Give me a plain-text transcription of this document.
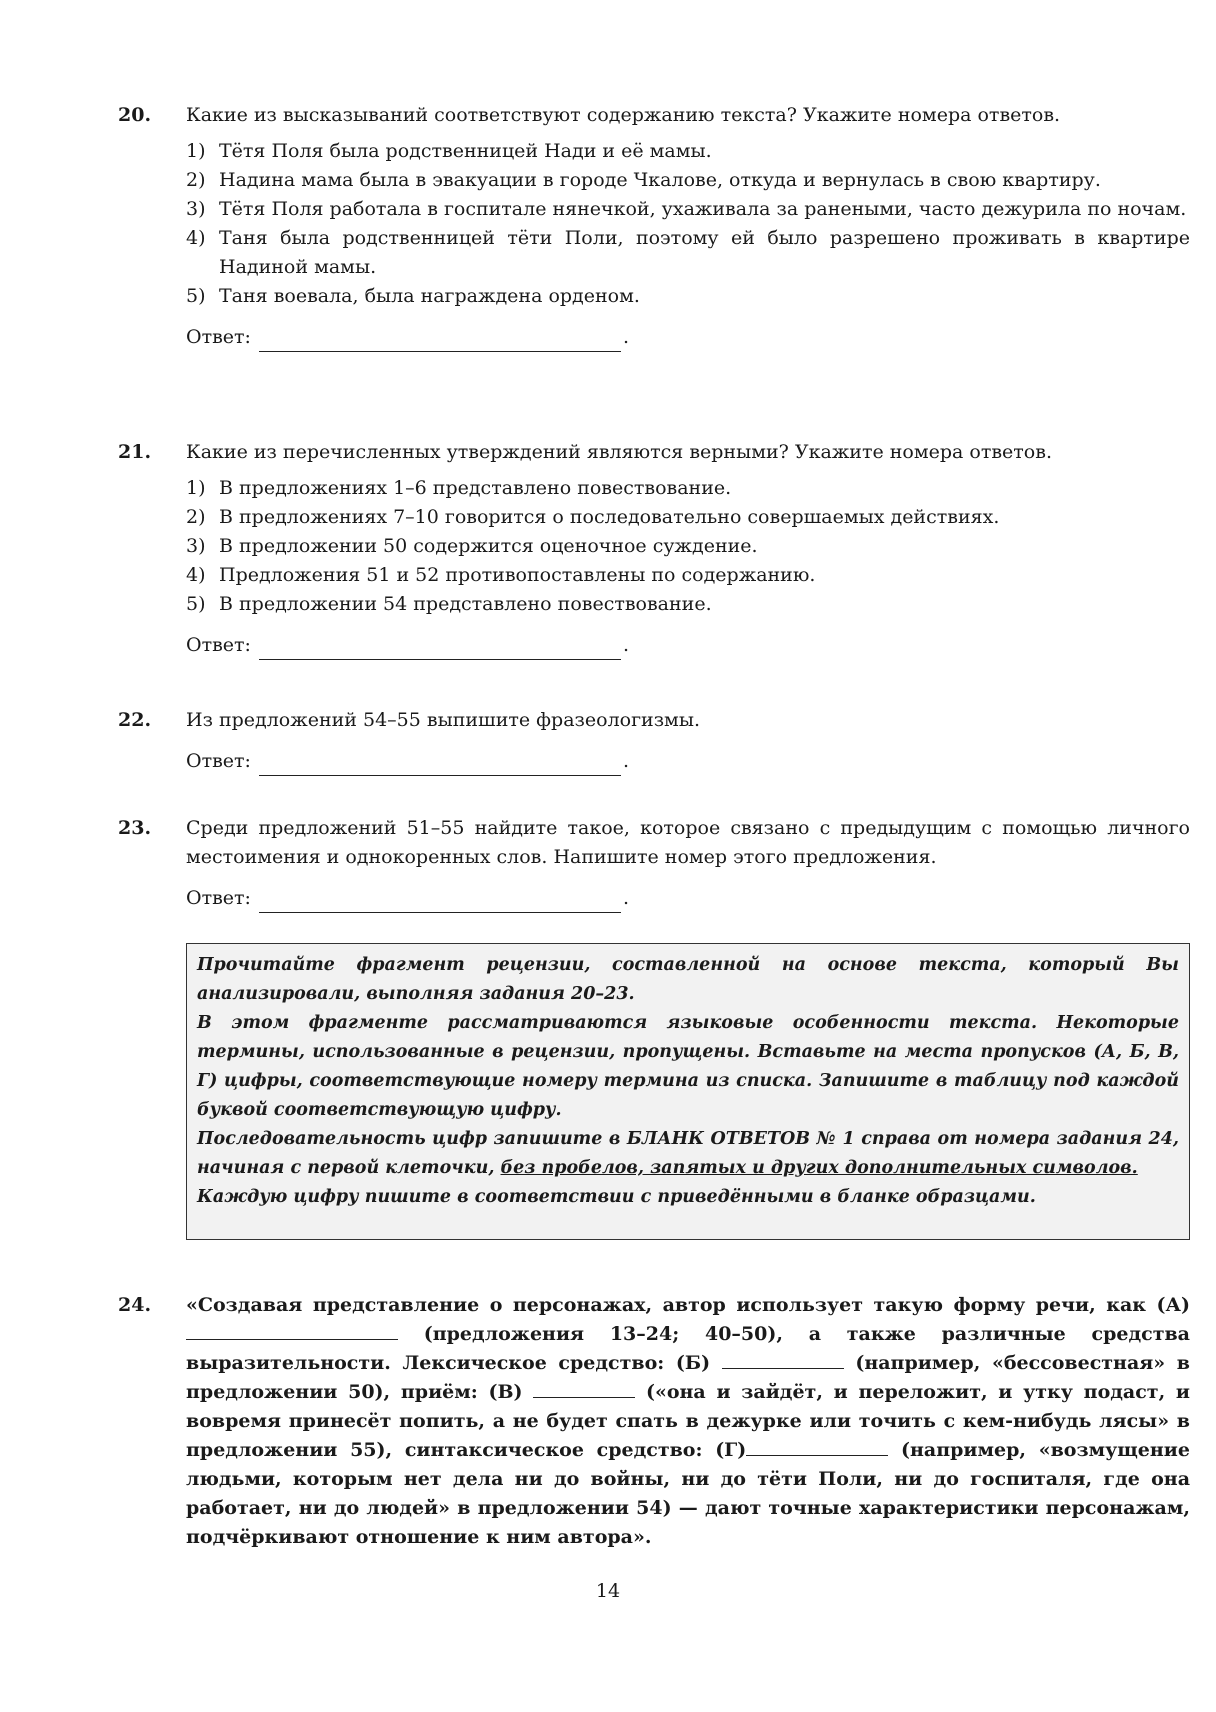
20.	Какие из высказываний соответствуют содержанию текста? Укажите номера ответов.
1) Тётя Поля была родственницей Нади и её мамы.
2) Надина мама была в эвакуации в городе Чкалове, откуда и вернулась в свою квартиру.
3) Тётя Поля работала в госпитале нянечкой, ухаживала за ранеными, часто дежурила по ночам.
4) Таня была родственницей тёти Поли, поэтому ей было разрешено проживать в квартире Надиной мамы.
5) Таня воевала, была награждена орденом.
Ответ:	.
21.	Какие из перечисленных утверждений являются верными? Укажите номера ответов.
1) В предложениях 1–6 представлено повествование.
2) В предложениях 7–10 говорится о последовательно совершаемых действиях.
3) В предложении 50 содержится оценочное суждение.
4) Предложения 51 и 52 противопоставлены по содержанию.
5) В предложении 54 представлено повествование.
Ответ:	.
22.	Из предложений 54–55 выпишите фразеологизмы.
Ответ:	.
23.	Среди предложений 51–55 найдите такое, которое связано с предыдущим с помощью личного местоимения и однокоренных слов. Напишите номер этого предложения.
Ответ:	.

Прочитайте фрагмент рецензии, составленной на основе текста, который Вы анализировали, выполняя задания 20–23.

В этом фрагменте рассматриваются языковые особенности текста. Некоторые термины, использованные в рецензии, пропущены. Вставьте на места пропусков (А, Б, В, Г) цифры, соответствующие номеру термина из списка. Запишите в таблицу под каждой буквой соответствующую цифру.

Последовательность цифр запишите в БЛАНК ОТВЕТОВ № 1 справа от номера задания 24, начиная с первой клеточки, без пробелов, запятых и других дополнительных символов.

Каждую цифру пишите в соответствии с приведёнными в бланке образцами.

24.	«Создавая представление о персонажах, автор использует такую форму речи, как (А) (предложения 13–24; 40–50), а также различные средства выразительности. Лексическое средство: (Б)	(например, «бессовестная» в предложении 50), приём: (В)	(«она и зайдёт, и переложит, и утку подаст, и вовремя принесёт попить, а не будет спать в дежурке или точить с кем-нибудь лясы» в предложении 55), синтаксическое средство: (Г)	(например, «возмущение людьми, которым нет дела ни до войны, ни до тёти Поли, ни до госпиталя, где она работает, ни до людей» в предложении 54) — дают точные характеристики персонажам, подчёркивают отношение к ним автора».
14
